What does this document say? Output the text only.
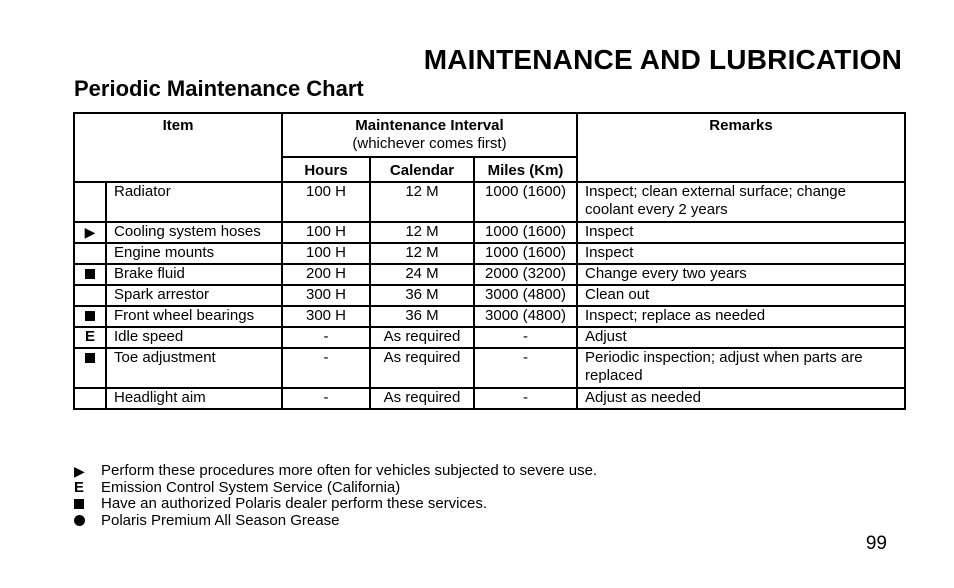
MAINTENANCE AND LUBRICATION
Periodic Maintenance Chart
Item		Maintenance Interval
(whichever comes first)			Remarks
		Hours	Calendar	Miles (Km)	
	Radiator	100 H	12 M	1000 (1600)	Inspect; clean external surface; change coolant every 2 years
▶	Cooling system hoses	100 H	12 M	1000 (1600)	Inspect
	Engine mounts	100 H	12 M	1000 (1600)	Inspect
	Brake fluid	200 H	24 M	2000 (3200)	Change every two years
	Spark arrestor	300 H	36 M	3000 (4800)	Clean out
	Front wheel bearings	300 H	36 M	3000 (4800)	Inspect; replace as needed
E	Idle speed	-	As required	-	Adjust
	Toe adjustment	-	As required	-	Periodic inspection; adjust when parts are replaced
	Headlight aim	-	As required	-	Adjust as needed
▶ Perform these procedures more often for vehicles subjected to severe use.
E Emission Control System Service (California)
Have an authorized Polaris dealer perform these services.
Polaris Premium All Season Grease

99
